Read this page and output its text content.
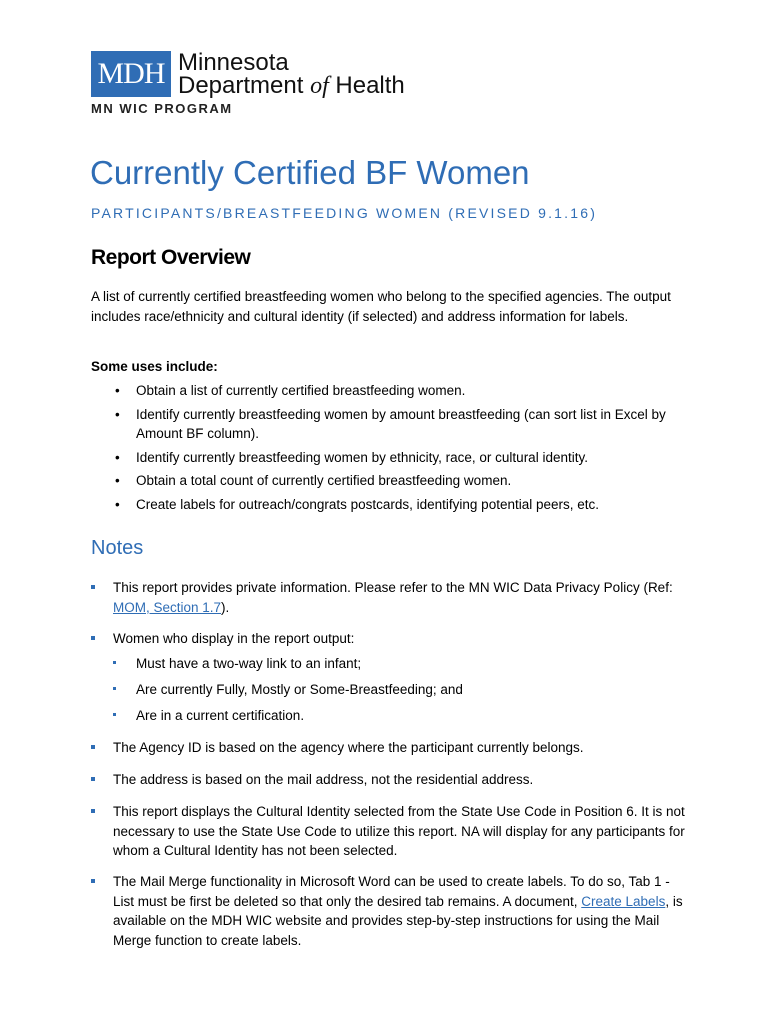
MDH Minnesota
Department of Health
MN WIC PROGRAM
Currently Certified BF Women
PARTICIPANTS/BREASTFEEDING WOMEN (REVISED 9.1.16)
Report Overview
A list of currently certified breastfeeding women who belong to the specified agencies. The output includes race/ethnicity and cultural identity (if selected) and address information for labels.
Some uses include:
• Obtain a list of currently certified breastfeeding women.
• Identify currently breastfeeding women by amount breastfeeding (can sort list in Excel by Amount BF column).
• Identify currently breastfeeding women by ethnicity, race, or cultural identity.
• Obtain a total count of currently certified breastfeeding women.
• Create labels for outreach/congrats postcards, identifying potential peers, etc.
Notes
This report provides private information. Please refer to the MN WIC Data Privacy Policy (Ref: MOM, Section 1.7).
Women who display in the report output:
Must have a two-way link to an infant;
Are currently Fully, Mostly or Some-Breastfeeding; and
Are in a current certification.
The Agency ID is based on the agency where the participant currently belongs.
The address is based on the mail address, not the residential address.
This report displays the Cultural Identity selected from the State Use Code in Position 6. It is not necessary to use the State Use Code to utilize this report. NA will display for any participants for whom a Cultural Identity has not been selected.
The Mail Merge functionality in Microsoft Word can be used to create labels. To do so, Tab 1 - List must be first be deleted so that only the desired tab remains. A document, Create Labels, is available on the MDH WIC website and provides step-by-step instructions for using the Mail Merge function to create labels.
